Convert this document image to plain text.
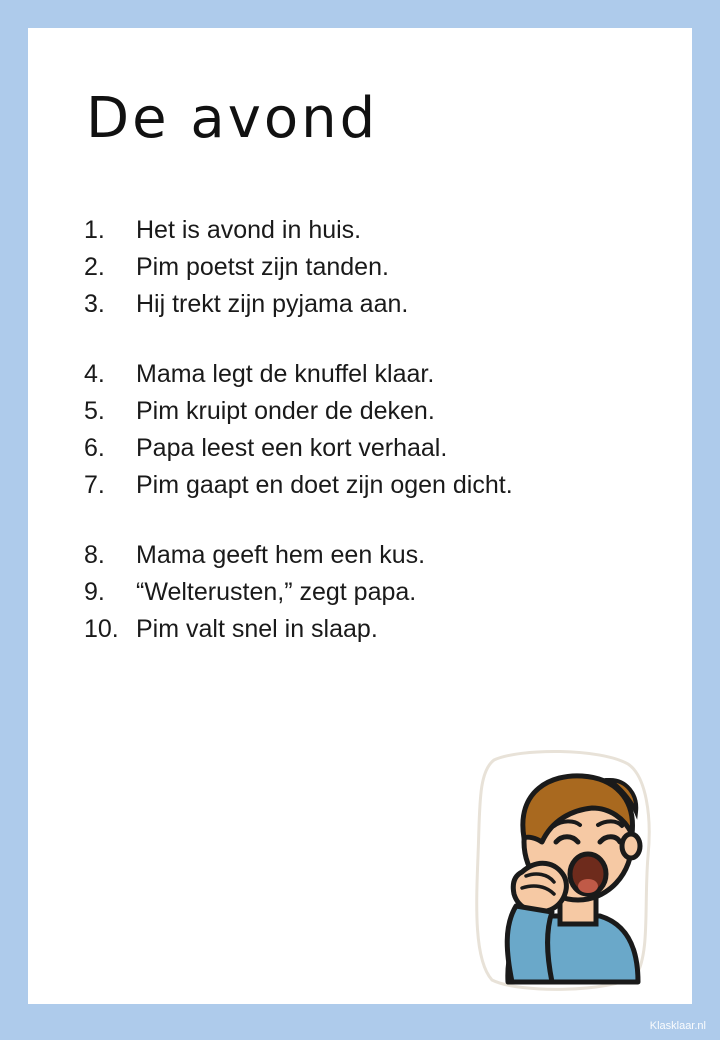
De avond
1.	Het is avond in huis.
2.	Pim poetst zijn tanden.
3.	Hij trekt zijn pyjama aan.
4.	Mama legt de knuffel klaar.
5.	Pim kruipt onder de deken.
6.	Papa leest een kort verhaal.
7.	Pim gaapt en doet zijn ogen dicht.
8.	Mama geeft hem een kus.
9.	“Welterusten,” zegt papa.
10. Pim valt snel in slaap.
Klasklaar.nl
